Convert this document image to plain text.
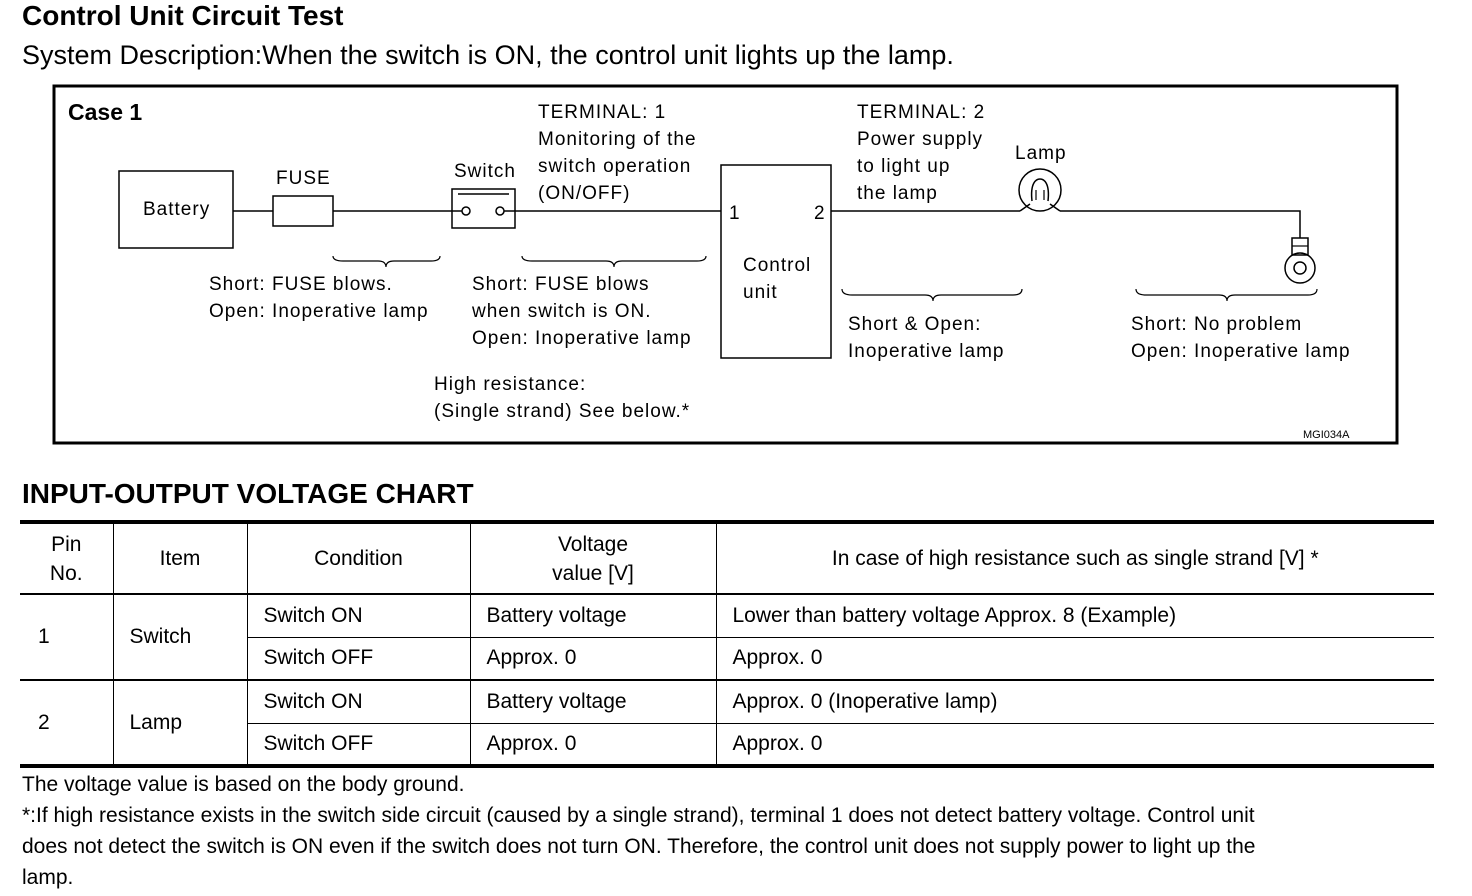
Control Unit Circuit Test
System Description:When the switch is ON, the control unit lights up the lamp.
Case 1
Battery
FUSE	Switch
TERMINAL: 1
Monitoring of the
switch operation
(ON/OFF)
1	2
Control
unit
TERMINAL: 2
Power supply
to light up
the lamp
Lamp
Short: FUSE blows.
Open: Inoperative lamp
Short: FUSE blows
when switch is ON.
Open: Inoperative lamp
High resistance:
(Single strand) See below.*
Short & Open:
Inoperative lamp
Short: No problem
Open: Inoperative lamp
MGI034A
INPUT-OUTPUT VOLTAGE CHART
Pin
No.	Item	Condition	Voltage
value [V]	In case of high resistance such as single strand [V] *
1	Switch	Switch ON	Battery voltage	Lower than battery voltage Approx. 8 (Example)
		Switch OFF	Approx. 0	Approx. 0
2	Lamp	Switch ON	Battery voltage	Approx. 0 (Inoperative lamp)
		Switch OFF	Approx. 0	Approx. 0
The voltage value is based on the body ground.
*:If high resistance exists in the switch side circuit (caused by a single strand), terminal 1 does not detect battery voltage. Control unit
does not detect the switch is ON even if the switch does not turn ON. Therefore, the control unit does not supply power to light up the
lamp.
